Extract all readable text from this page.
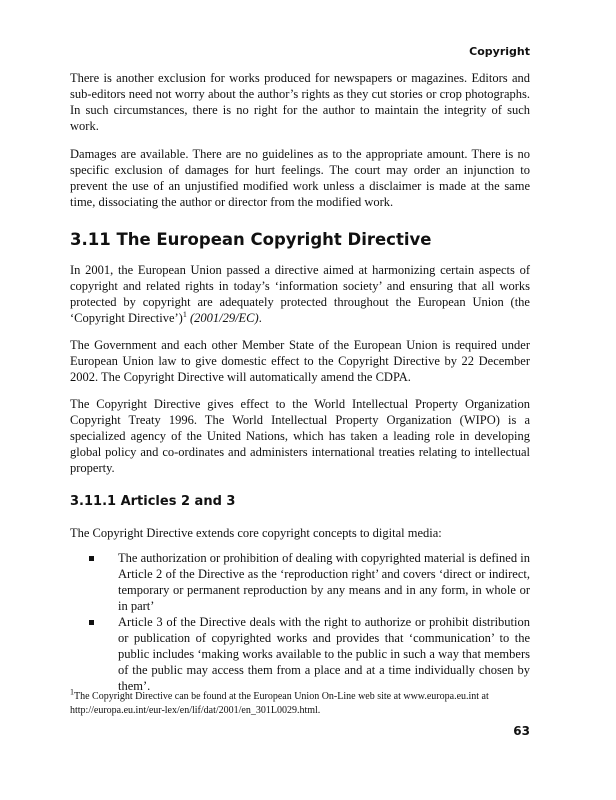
Copyright

There is another exclusion for works produced for newspapers or magazines. Editors and sub-editors need not worry about the author’s rights as they cut stories or crop photographs. In such circumstances, there is no right for the author to maintain the integrity of such work.

Damages are available. There are no guidelines as to the appropriate amount. There is no specific exclusion of damages for hurt feelings. The court may order an injunction to prevent the use of an unjustified modified work unless a disclaimer is made at the same time, dissociating the author or director from the modified work.

3.11 The European Copyright Directive

In 2001, the European Union passed a directive aimed at harmonizing certain aspects of copyright and related rights in today’s ‘information society’ and ensuring that all works protected by copyright are adequately protected throughout the European Union (the ‘Copyright Directive’)$^1$ (2001/29/EC).

The Government and each other Member State of the European Union is required under European Union law to give domestic effect to the Copyright Directive by 22 December 2002. The Copyright Directive will automatically amend the CDPA.

The Copyright Directive gives effect to the World Intellectual Property Organization Copyright Treaty 1996. The World Intellectual Property Organization (WIPO) is a specialized agency of the United Nations, which has taken a leading role in developing global policy and co-ordinates and administers international treaties relating to intellectual property.

3.11.1 Articles 2 and 3

The Copyright Directive extends core copyright concepts to digital media:

The authorization or prohibition of dealing with copyrighted material is defined in Article 2 of the Directive as the ‘reproduction right’ and covers ‘direct or indirect, temporary or permanent reproduction by any means and in any form, in whole or in part’
Article 3 of the Directive deals with the right to authorize or prohibit distribution or publication of copyrighted works and provides that ‘communication’ to the public includes ‘making works available to the public in such a way that members of the public may access them from a place and at a time individually chosen by them’.

$^1$The Copyright Directive can be found at the European Union On-Line web site at www.europa.eu.int at http://europa.eu.int/eur-lex/en/lif/dat/2001/en_301L0029.html.

63
